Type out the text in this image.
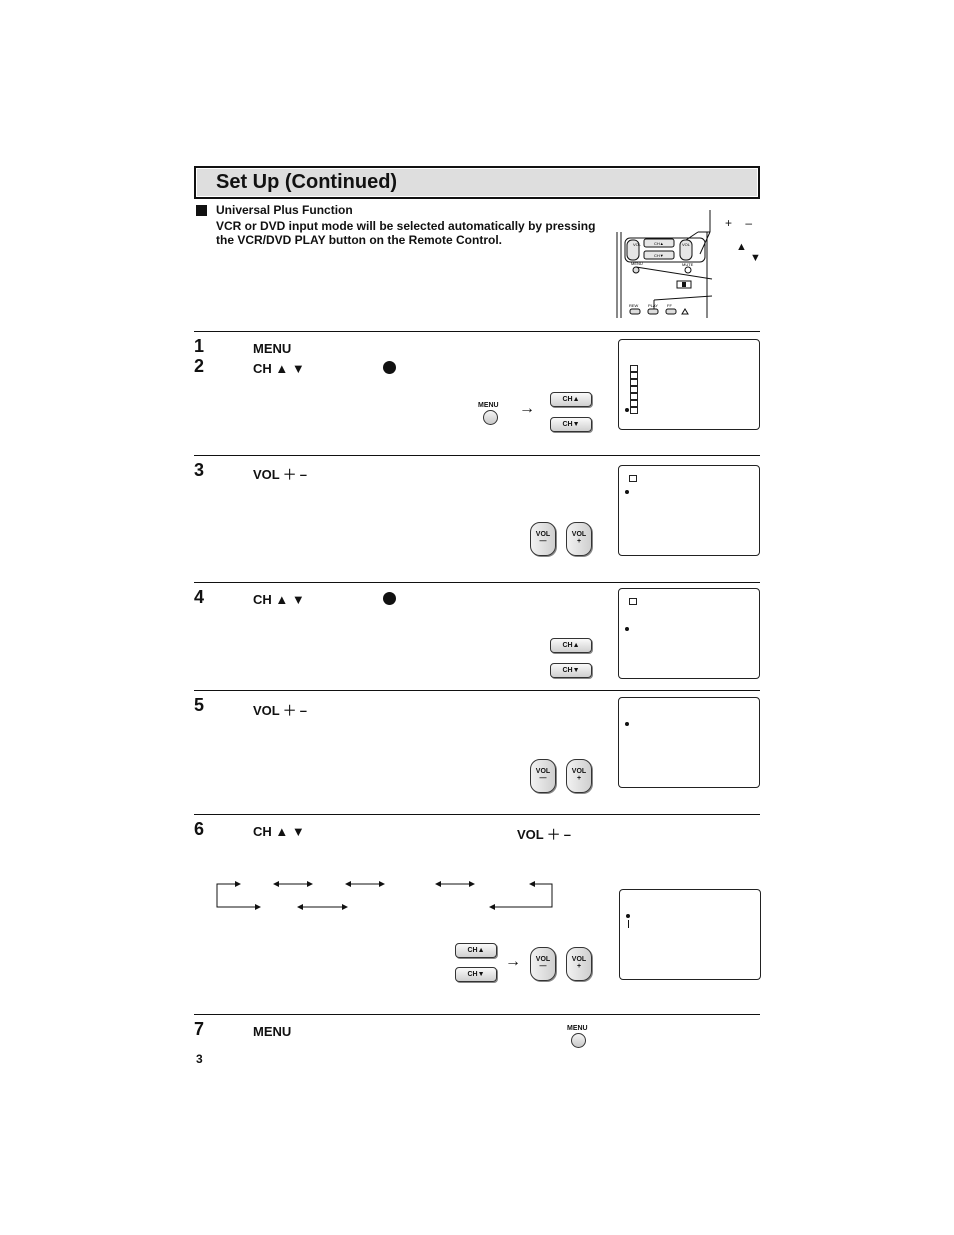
Set Up (Continued)
Universal Plus Function
VCR or DVD input mode will be selected automatically by pressing the VCR/DVD PLAY button on the Remote Control.	VOL	VOL
CH▲
CH▼
MENU	MUTE
REW PLAY FF
+ –
▲
▼
1	MENU
2	CH ▲ ▼
MENU →
CH▲
CH▼
3	VOL ＋ –
VOL
—
VOL
+
4	CH ▲ ▼
CH▲
CH▼
5	VOL ＋ –
VOL
—
VOL
+
6	CH ▲ ▼	VOL ＋ –
CH▲
CH▼
→	VOL
—
VOL
+
7	MENU	MENU
3
